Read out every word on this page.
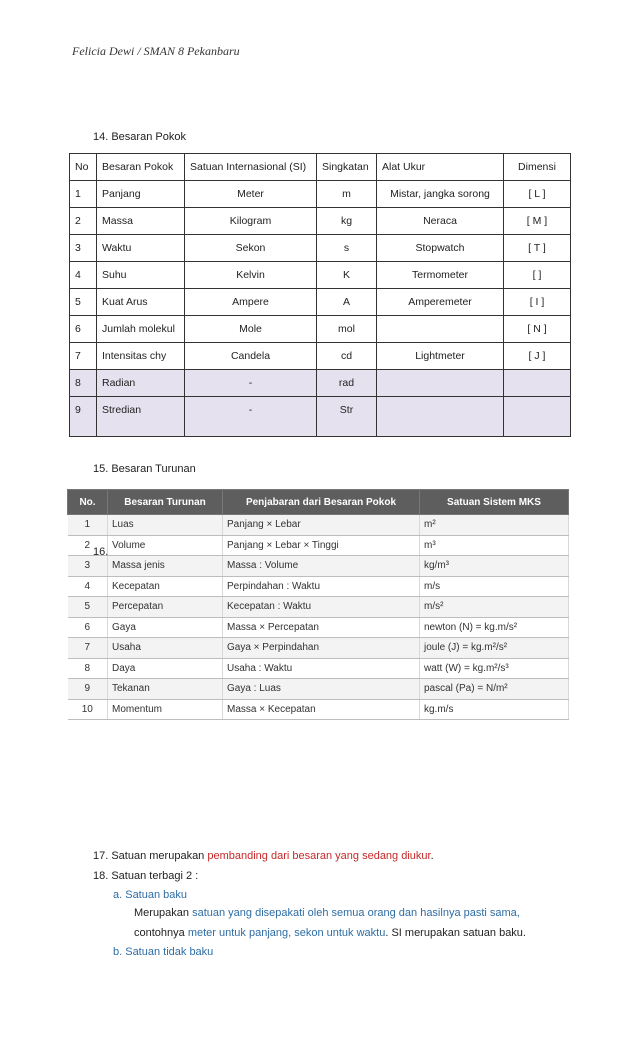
Felicia Dewi / SMAN 8 Pekanbaru
14. Besaran Pokok
No	Besaran Pokok	Satuan Internasional (SI)	Singkatan	Alat Ukur	Dimensi
1	Panjang	Meter	m	Mistar, jangka sorong	[ L ]
2	Massa	Kilogram	kg	Neraca	[ M ]
3	Waktu	Sekon	s	Stopwatch	[ T ]
4	Suhu	Kelvin	K	Termometer	[ ]
5	Kuat Arus	Ampere	A	Amperemeter	[ I ]
6	Jumlah molekul	Mole	mol		[ N ]
7	Intensitas chy	Candela	cd	Lightmeter	[ J ]
8	Radian	-	rad		
9	Stredian	-	Str		
15. Besaran Turunan
No.	Besaran Turunan	Penjabaran dari Besaran Pokok	Satuan Sistem MKS
1	Luas	Panjang × Lebar	m²
2	Volume	Panjang × Lebar × Tinggi	m³
3	Massa jenis	Massa : Volume	kg/m³
4	Kecepatan	Perpindahan : Waktu	m/s
5	Percepatan	Kecepatan : Waktu	m/s²
6	Gaya	Massa × Percepatan	newton (N) = kg.m/s²
7	Usaha	Gaya × Perpindahan	joule (J) = kg.m²/s²
8	Daya	Usaha : Waktu	watt (W) = kg.m²/s³
9	Tekanan	Gaya : Luas	pascal (Pa) = N/m²
10	Momentum	Massa × Kecepatan	kg.m/s
16.
17. Satuan merupakan pembanding dari besaran yang sedang diukur.
18. Satuan terbagi 2 :
a. Satuan baku
Merupakan satuan yang disepakati oleh semua orang dan hasilnya pasti sama,
contohnya meter untuk panjang, sekon untuk waktu. SI merupakan satuan baku.
b. Satuan tidak baku
